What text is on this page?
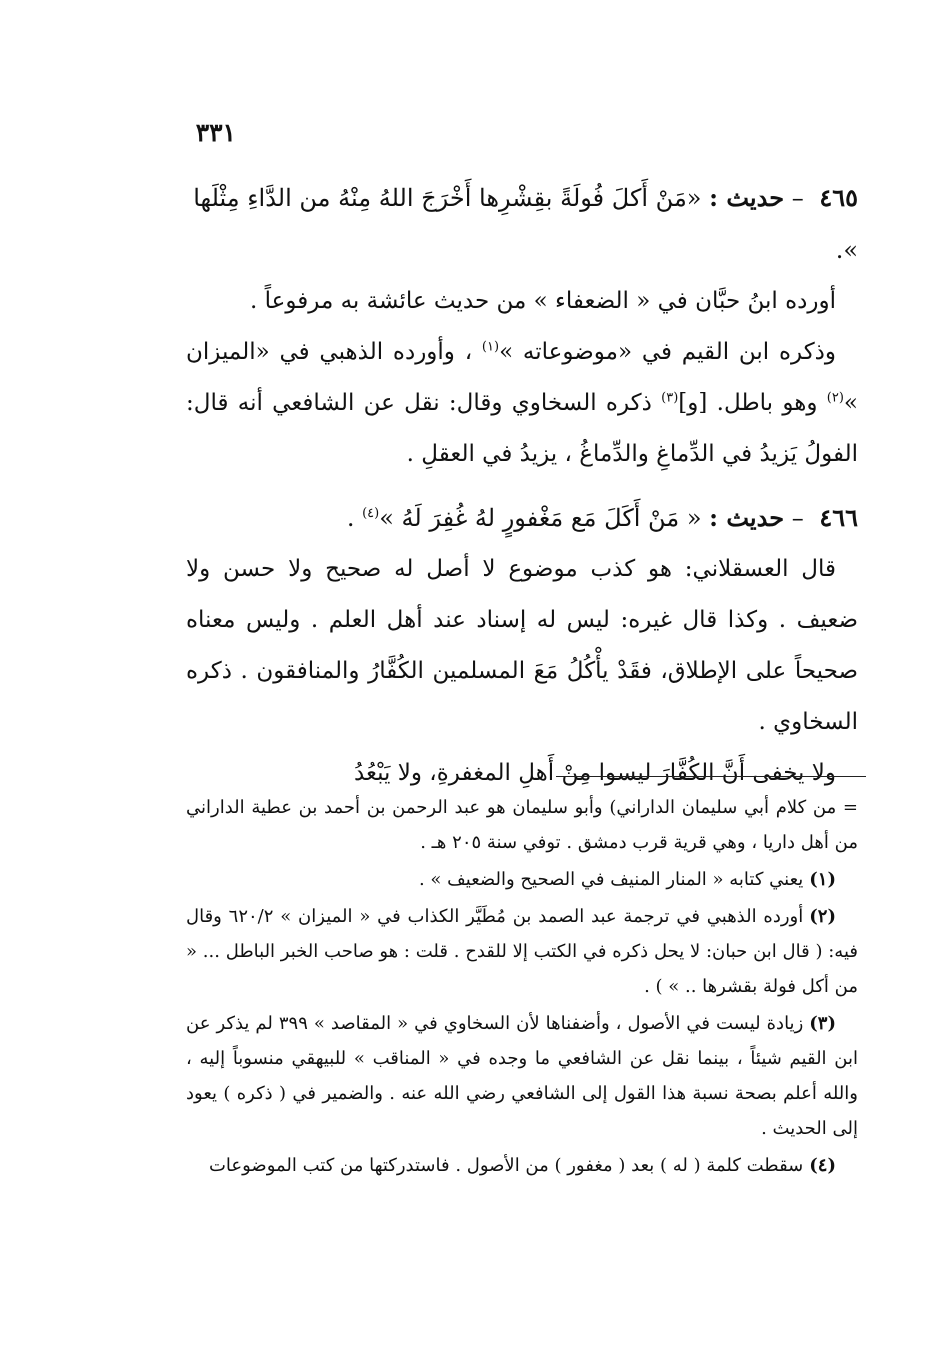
٣٣١

٤٦٥ – حديث : «مَنْ أَكلَ فُولَةً بقِشْرِها أَخْرَجَ اللهُ مِنْهُ من الدَّاءِ مِثْلَها ».

أورده ابنُ حبَّان في « الضعفاء » من حديث عائشة به مرفوعاً .

وذكره ابن القيم في «موضوعاته »$^{(١)}$ ، وأورده الذهبي في «الميزان »$^{(٢)}$ وهو باطل. [و]$^{(٣)}$ ذكره السخاوي وقال: نقل عن الشافعي أنه قال: الفولُ يَزيدُ في الدِّماغِ والدِّماغُ ، يزيدُ في العقلِ .

٤٦٦ – حديث : « مَنْ أَكَلَ مَع مَغْفورٍ لهُ غُفِرَ لَهُ »$^{(٤)}$ .

قال العسقلاني: هو كذب موضوع لا أصل له صحيح ولا حسن ولا ضعيف . وكذا قال غيره: ليس له إسناد عند أهل العلم . وليس معناه صحيحاً على الإطلاق، فقَدْ يأْكُلُ مَعَ المسلمين الكُفَّارُ والمنافقون . ذكره السخاوي .

ولا يخفى أَنَّ الكُفَّارَ ليسوا مِنْ أَهلِ المغفرةِ، ولا يَبْعُدُ

= من كلام أبي سليمان الداراني) وأبو سليمان هو عبد الرحمن بن أحمد بن عطية الداراني من أهل داريا ، وهي قرية قرب دمشق . توفي سنة ٢٠٥ هـ .

(١)يعني كتابه « المنار المنيف في الصحيح والضعيف » .

(٢)أورده الذهبي في ترجمة عبد الصمد بن مُطَيَّر الكذاب في « الميزان » ٦٢٠/٢ وقال فيه: ( قال ابن حبان: لا يحل ذكره في الكتب إلا للقدح . قلت : هو صاحب الخبر الباطل ... « من أكل فولة بقشرها .. » ) .

(٣)زيادة ليست في الأصول ، وأضفناها لأن السخاوي في « المقاصد » ٣٩٩ لم يذكر عن ابن القيم شيئاً ، بينما نقل عن الشافعي ما وجده في « المناقب » للبيهقي منسوباً إليه ، والله أعلم بصحة نسبة هذا القول إلى الشافعي رضي الله عنه . والضمير في ( ذكره ) يعود إلى الحديث .

(٤)سقطت كلمة ( له ) بعد ( مغفور ) من الأصول . فاستدركتها من كتب الموضوعات
